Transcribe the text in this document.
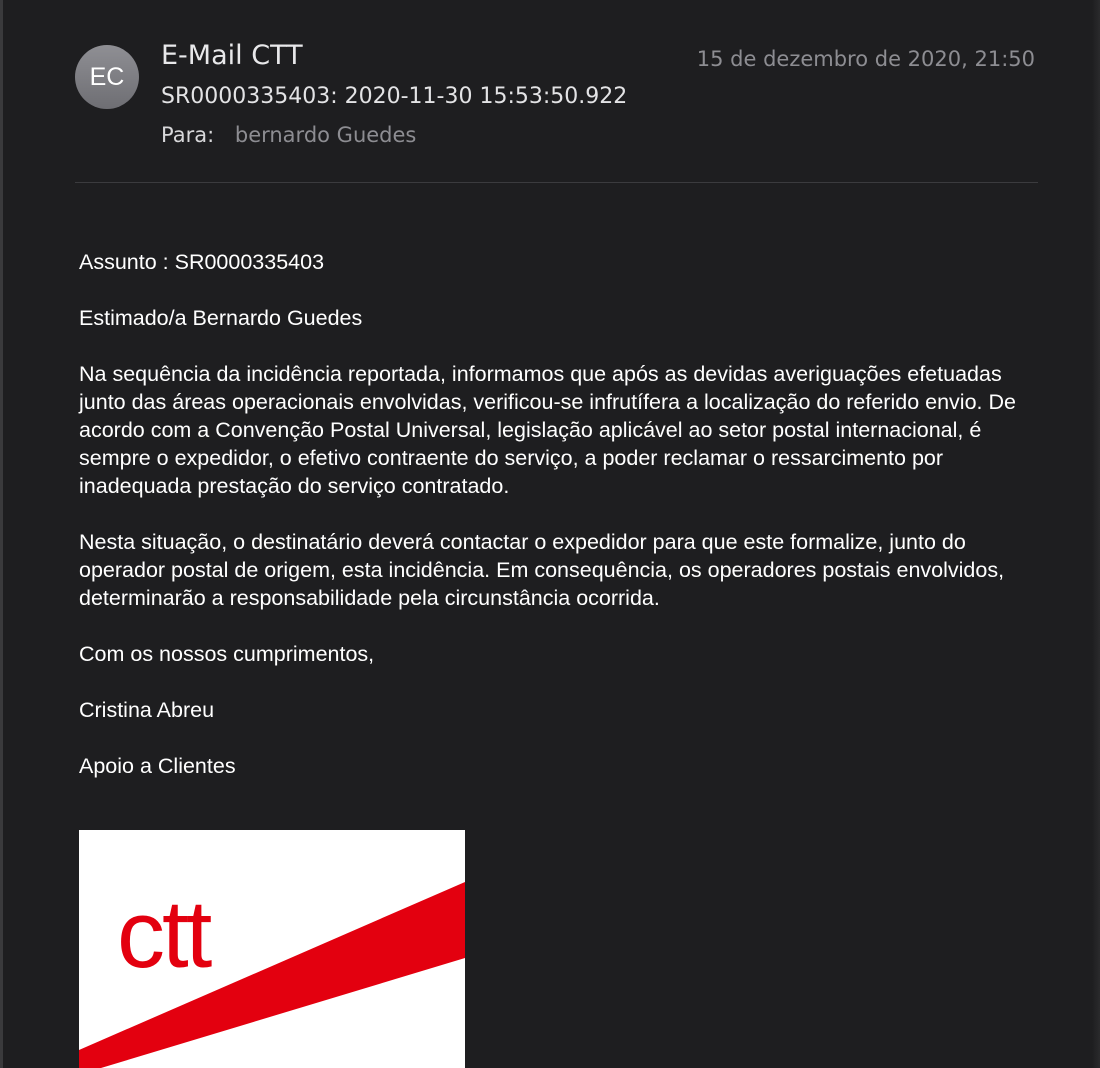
EC
E-Mail CTT	15 de dezembro de 2020, 21:50
SR0000335403: 2020-11-30 15:53:50.922
Para: bernardo Guedes

Assunto : SR0000335403

Estimado/a Bernardo Guedes

Na sequência da incidência reportada, informamos que após as devidas averiguações efetuadas junto das áreas operacionais envolvidas, verificou-se infrutífera a localização do referido envio. De acordo com a Convenção Postal Universal, legislação aplicável ao setor postal internacional, é sempre o expedidor, o efetivo contraente do serviço, a poder reclamar o ressarcimento por inadequada prestação do serviço contratado.

Nesta situação, o destinatário deverá contactar o expedidor para que este formalize, junto do operador postal de origem, esta incidência. Em consequência, os operadores postais envolvidos, determinarão a responsabilidade pela circunstância ocorrida.

Com os nossos cumprimentos,

Cristina Abreu

Apoio a Clientes

ctt
